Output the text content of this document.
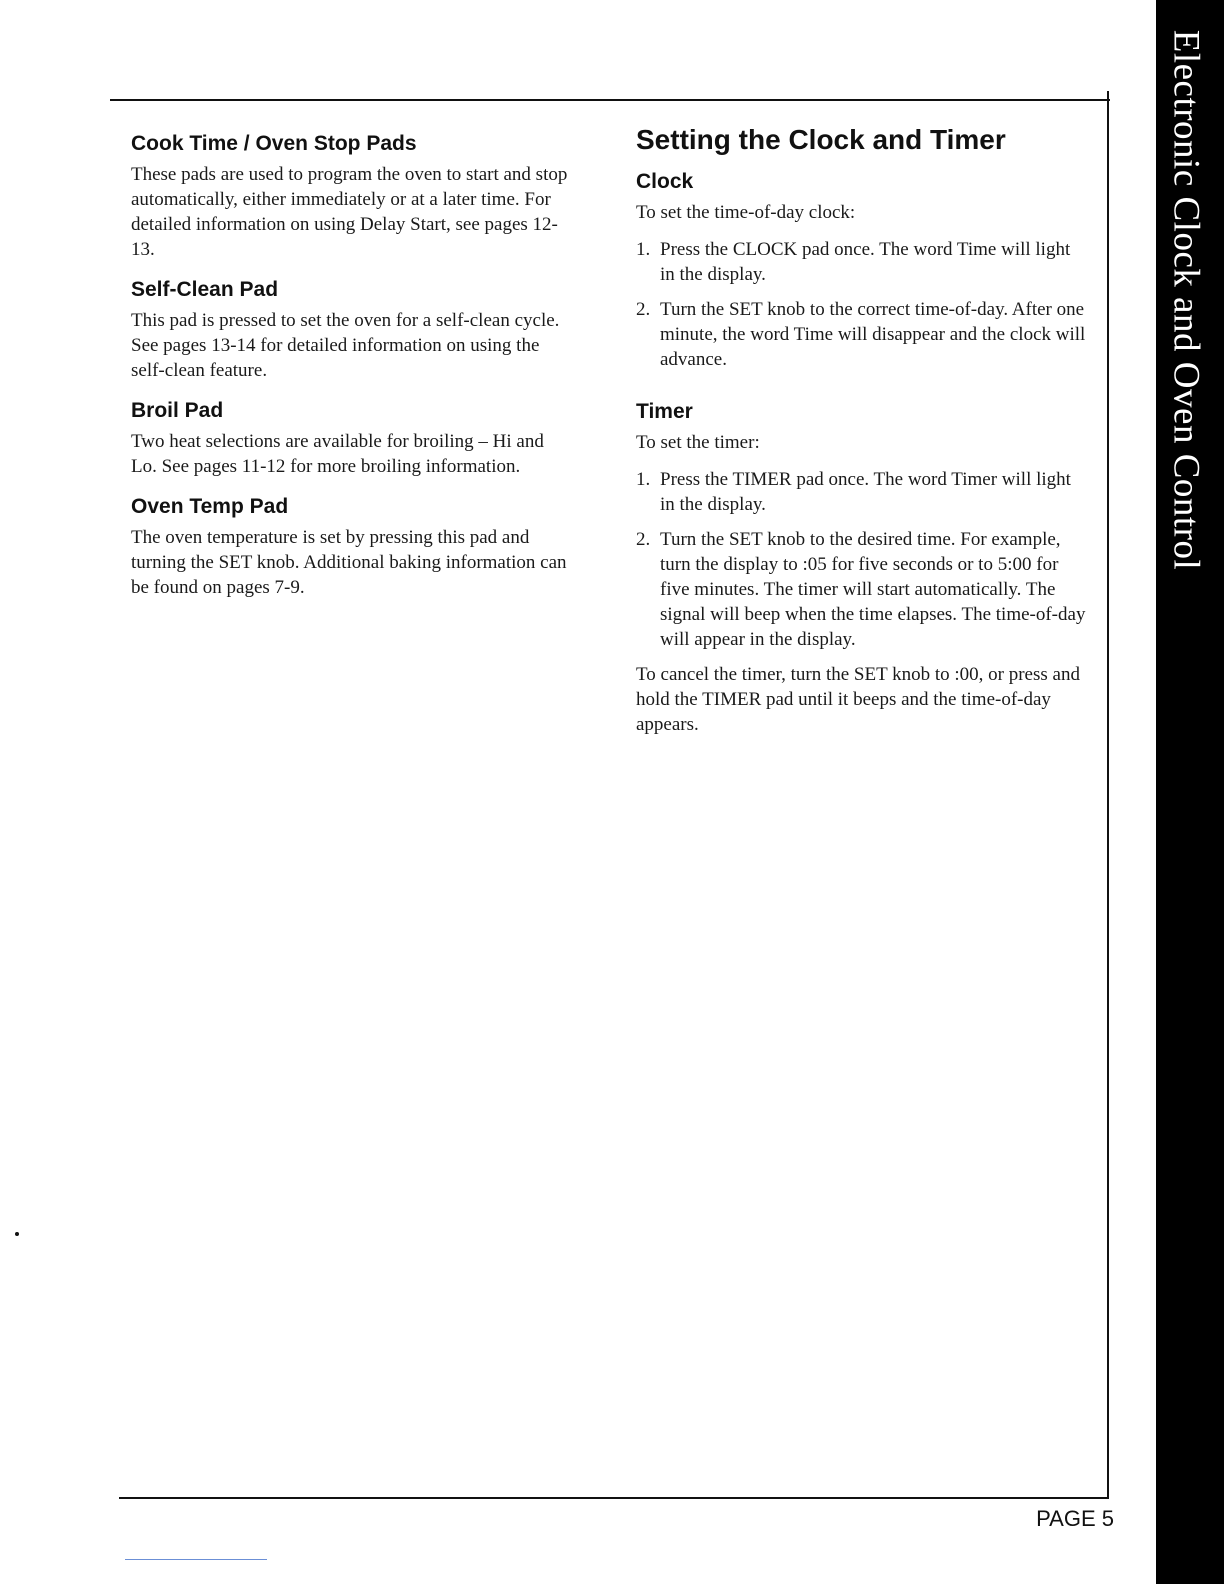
Electronic Clock and Oven Control
Cook Time / Oven Stop Pads

These pads are used to program the oven to start and stop automatically, either immediately or at a later time. For detailed information on using Delay Start, see pages 12-13.

Self-Clean Pad

This pad is pressed to set the oven for a self-clean cycle. See pages 13-14 for detailed information on using the self-clean feature.

Broil Pad

Two heat selections are available for broiling – Hi and Lo. See pages 11-12 for more broiling information.

Oven Temp Pad

The oven temperature is set by pressing this pad and turning the SET knob. Additional baking information can be found on pages 7-9.

Setting the Clock and Timer
Clock

To set the time-of-day clock:

1. Press the CLOCK pad once. The word Time will light in the display.
2. Turn the SET knob to the correct time-of-day. After one minute, the word Time will disappear and the clock will advance.
Timer

To set the timer:

1. Press the TIMER pad once. The word Timer will light in the display.
2. Turn the SET knob to the desired time. For example, turn the display to :05 for five seconds or to 5:00 for five minutes. The timer will start automatically. The signal will beep when the time elapses. The time-of-day will appear in the display.

To cancel the timer, turn the SET knob to :00, or press and hold the TIMER pad until it beeps and the time-of-day appears.

PAGE 5
